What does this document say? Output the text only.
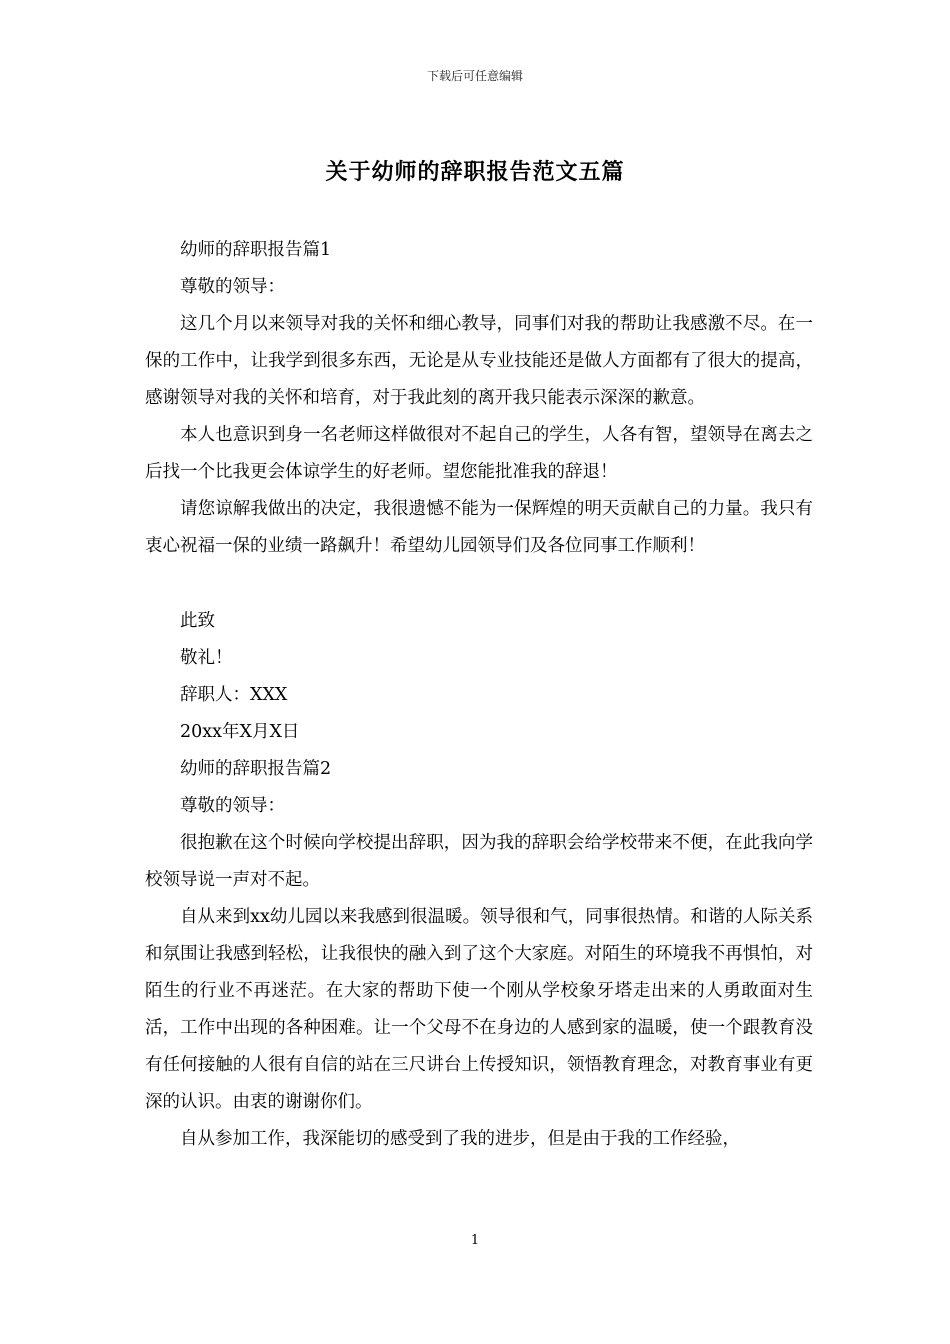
下载后可任意编辑
关于幼师的辞职报告范文五篇

幼师的辞职报告篇1

尊敬的领导：

这几个月以来领导对我的关怀和细心教导，同事们对我的帮助让我感激不尽。在一保的工作中，让我学到很多东西，无论是从专业技能还是做人方面都有了很大的提高，感谢领导对我的关怀和培育，对于我此刻的离开我只能表示深深的歉意。

本人也意识到身一名老师这样做很对不起自己的学生，人各有智，望领导在离去之后找一个比我更会体谅学生的好老师。望您能批准我的辞退！

请您谅解我做出的决定，我很遗憾不能为一保辉煌的明天贡献自己的力量。我只有衷心祝福一保的业绩一路飙升！希望幼儿园领导们及各位同事工作顺利！

此致

敬礼！

辞职人：XXX

20xx年X月X日

幼师的辞职报告篇2

尊敬的领导：

很抱歉在这个时候向学校提出辞职，因为我的辞职会给学校带来不便，在此我向学校领导说一声对不起。

自从来到xx幼儿园以来我感到很温暖。领导很和气，同事很热情。和谐的人际关系和氛围让我感到轻松，让我很快的融入到了这个大家庭。对陌生的环境我不再惧怕，对陌生的行业不再迷茫。在大家的帮助下使一个刚从学校象牙塔走出来的人勇敢面对生活，工作中出现的各种困难。让一个父母不在身边的人感到家的温暖，使一个跟教育没有任何接触的人很有自信的站在三尺讲台上传授知识，领悟教育理念，对教育事业有更深的认识。由衷的谢谢你们。

自从参加工作，我深能切的感受到了我的进步，但是由于我的工作经验，

1
